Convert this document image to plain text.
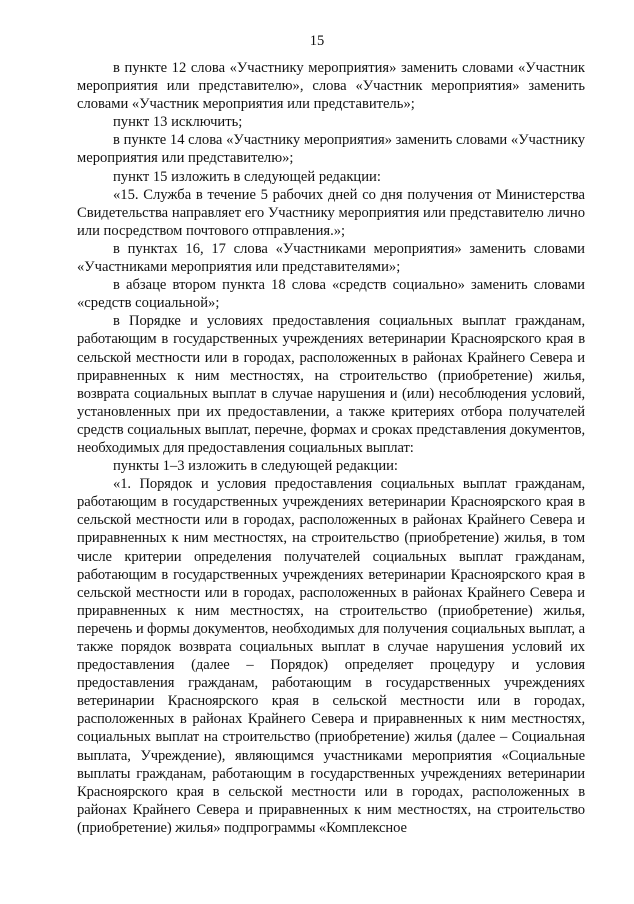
15

в пункте 12 слова «Участнику мероприятия» заменить словами «Участник мероприятия или представителю», слова «Участник мероприятия» заменить словами «Участник мероприятия или представитель»;

пункт 13 исключить;

в пункте 14 слова «Участнику мероприятия» заменить словами «Участнику мероприятия или представителю»;

пункт 15 изложить в следующей редакции:

«15. Служба в течение 5 рабочих дней со дня получения от Министерства Свидетельства направляет его Участнику мероприятия или представителю лично или посредством почтового отправления.»;

в пунктах 16, 17 слова «Участниками мероприятия» заменить словами «Участниками мероприятия или представителями»;

в абзаце втором пункта 18 слова «средств социально» заменить словами «средств социальной»;

в Порядке и условиях предоставления социальных выплат гражданам, работающим в государственных учреждениях ветеринарии Красноярского края в сельской местности или в городах, расположенных в районах Крайнего Севера и приравненных к ним местностях, на строительство (приобретение) жилья, возврата социальных выплат в случае нарушения и (или) несоблюдения условий, установленных при их предоставлении, а также критериях отбора получателей средств социальных выплат, перечне, формах и сроках представления документов, необходимых для предоставления социальных выплат:

пункты 1–3 изложить в следующей редакции:

«1. Порядок и условия предоставления социальных выплат гражданам, работающим в государственных учреждениях ветеринарии Красноярского края в сельской местности или в городах, расположенных в районах Крайнего Севера и приравненных к ним местностях, на строительство (приобретение) жилья, в том числе критерии определения получателей социальных выплат гражданам, работающим в государственных учреждениях ветеринарии Красноярского края в сельской местности или в городах, расположенных в районах Крайнего Севера и приравненных к ним местностях, на строительство (приобретение) жилья, перечень и формы документов, необходимых для получения социальных выплат, а также порядок возврата социальных выплат в случае нарушения условий их предоставления (далее – Порядок) определяет процедуру и условия предоставления гражданам, работающим в государственных учреждениях ветеринарии Красноярского края в сельской местности или в городах, расположенных в районах Крайнего Севера и приравненных к ним местностях, социальных выплат на строительство (приобретение) жилья (далее – Социальная выплата, Учреждение), являющимся участниками мероприятия «Социальные выплаты гражданам, работающим в государственных учреждениях ветеринарии Красноярского края в сельской местности или в городах, расположенных в районах Крайнего Севера и приравненных к ним местностях, на строительство (приобретение) жилья» подпрограммы «Комплексное
